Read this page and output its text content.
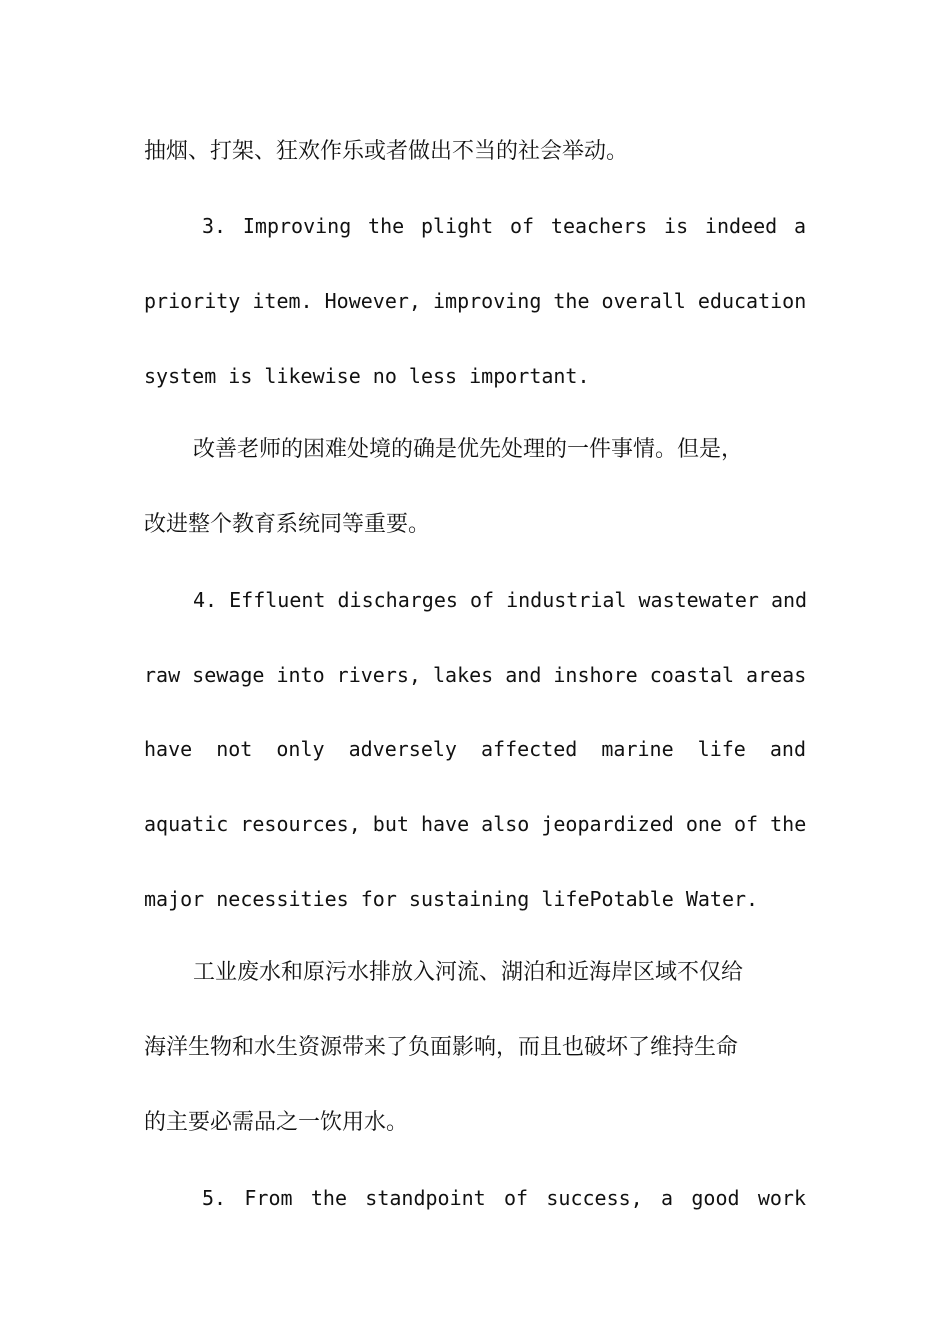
抽烟、打架、狂欢作乐或者做出不当的社会举动。
3. Improving the plight of teachers is indeed a
priority item. However, improving the overall education
system is likewise no less important.
改善老师的困难处境的确是优先处理的一件事情。但是，
改进整个教育系统同等重要。
4. Effluent discharges of industrial wastewater and
raw sewage into rivers, lakes and inshore coastal areas
have not only adversely affected marine life and
aquatic resources, but have also jeopardized one of the
major necessities for sustaining lifePotable Water.
工业废水和原污水排放入河流、湖泊和近海岸区域不仅给
海洋生物和水生资源带来了负面影响，而且也破坏了维持生命
的主要必需品之一饮用水。
5. From the standpoint of success, a good work
